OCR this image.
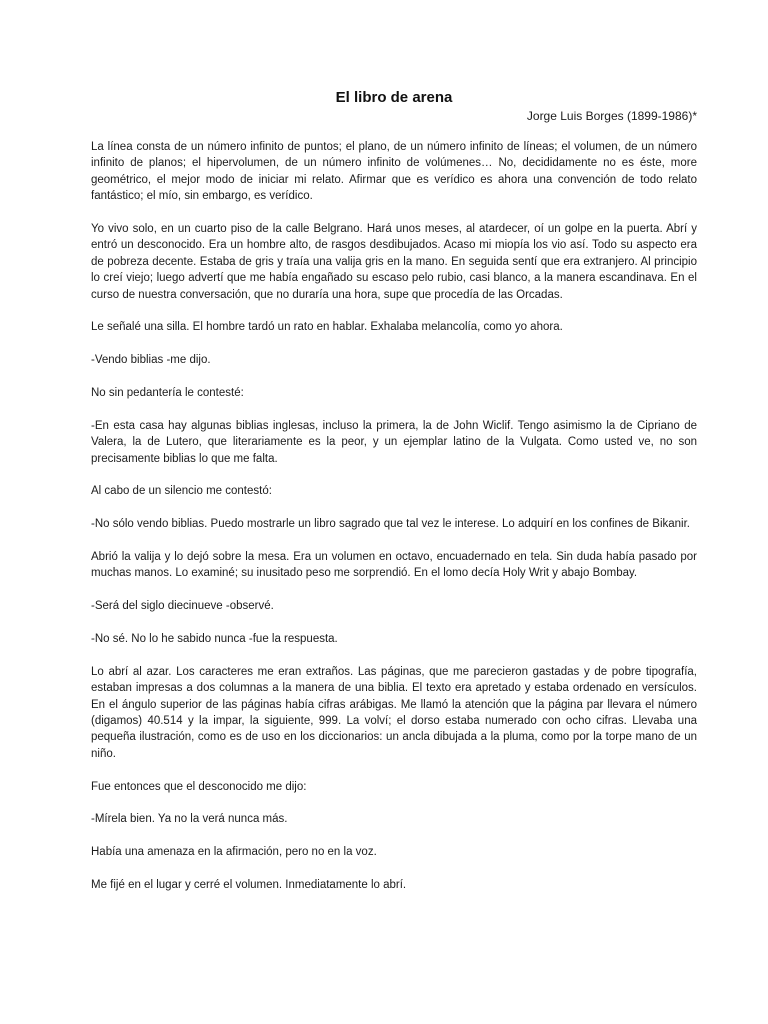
El libro de arena

Jorge Luis Borges (1899-1986)*

La línea consta de un número infinito de puntos; el plano, de un número infinito de líneas; el volumen, de un número infinito de planos; el hipervolumen, de un número infinito de volúmenes… No, decididamente no es éste, more geométrico, el mejor modo de iniciar mi relato. Afirmar que es verídico es ahora una convención de todo relato fantástico; el mío, sin embargo, es verídico.

Yo vivo solo, en un cuarto piso de la calle Belgrano. Hará unos meses, al atardecer, oí un golpe en la puerta. Abrí y entró un desconocido. Era un hombre alto, de rasgos desdibujados. Acaso mi miopía los vio así. Todo su aspecto era de pobreza decente. Estaba de gris y traía una valija gris en la mano. En seguida sentí que era extranjero. Al principio lo creí viejo; luego advertí que me había engañado su escaso pelo rubio, casi blanco, a la manera escandinava. En el curso de nuestra conversación, que no duraría una hora, supe que procedía de las Orcadas.

Le señalé una silla. El hombre tardó un rato en hablar. Exhalaba melancolía, como yo ahora.

-Vendo biblias -me dijo.

No sin pedantería le contesté:

-En esta casa hay algunas biblias inglesas, incluso la primera, la de John Wiclif. Tengo asimismo la de Cipriano de Valera, la de Lutero, que literariamente es la peor, y un ejemplar latino de la Vulgata. Como usted ve, no son precisamente biblias lo que me falta.

Al cabo de un silencio me contestó:

-No sólo vendo biblias. Puedo mostrarle un libro sagrado que tal vez le interese. Lo adquirí en los confines de Bikanir.

Abrió la valija y lo dejó sobre la mesa. Era un volumen en octavo, encuadernado en tela. Sin duda había pasado por muchas manos. Lo examiné; su inusitado peso me sorprendió. En el lomo decía Holy Writ y abajo Bombay.

-Será del siglo diecinueve -observé.

-No sé. No lo he sabido nunca -fue la respuesta.

Lo abrí al azar. Los caracteres me eran extraños. Las páginas, que me parecieron gastadas y de pobre tipografía, estaban impresas a dos columnas a la manera de una biblia. El texto era apretado y estaba ordenado en versículos. En el ángulo superior de las páginas había cifras arábigas. Me llamó la atención que la página par llevara el número (digamos) 40.514 y la impar, la siguiente, 999. La volví; el dorso estaba numerado con ocho cifras. Llevaba una pequeña ilustración, como es de uso en los diccionarios: un ancla dibujada a la pluma, como por la torpe mano de un niño.

Fue entonces que el desconocido me dijo:

-Mírela bien. Ya no la verá nunca más.

Había una amenaza en la afirmación, pero no en la voz.

Me fijé en el lugar y cerré el volumen. Inmediatamente lo abrí.
